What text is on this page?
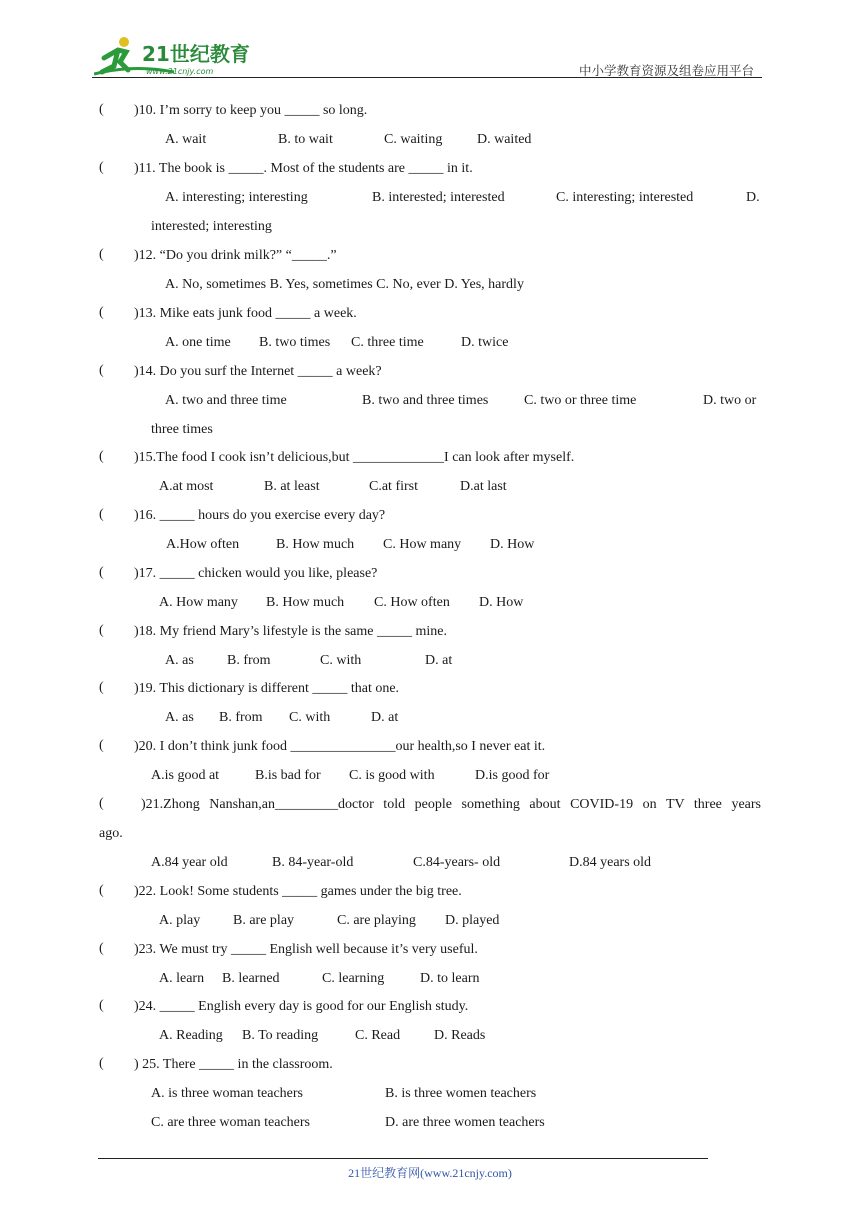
21世纪教育
www.21cnjy.com	中小学教育资源及组卷应用平台
( )10. I’m sorry to keep you _____ so long.
A. wait	B. to wait	C. waiting D. waited
( )11. The book is _____. Most of the students are _____ in it.
A. interesting; interesting	B. interested; interested	C. interesting; interested	D.
interested; interesting
( )12. “Do you drink milk?” “_____.”
A. No, sometimes B. Yes, sometimes C. No, ever D. Yes, hardly
( )13. Mike eats junk food _____ a week.
A. one time B. two times C. three time	D. twice
( )14. Do you surf the Internet _____ a week?
A. two and three time	B. two and three times	C. two or three time	D. two or
three times
( )15.The food I cook isn’t delicious,but _____________I can look after myself.
A.at most	B. at least	C.at first	D.at last
( )16. _____ hours do you exercise every day?
A.How often	B. How much C. How many D. How
( )17. _____ chicken would you like, please?
A. How many B. How much C. How often D. How
( )18. My friend Mary’s lifestyle is the same _____ mine.
A. as B. from	C. with	D. at
( )19. This dictionary is different _____ that one.
A. as B. from C. with	D. at
( )20. I don’t think junk food _______________our health,so I never eat it.
A.is good at	B.is bad for C. is good with	D.is good for
(	)21.Zhong Nanshan,an_________doctor told people something about COVID-19 on TV three years
ago.
A.84 year old	B. 84-year-old	C.84-years- old	D.84 years old
( )22. Look! Some students _____ games under the big tree.
A. play B. are play	C. are playing D. played
( )23. We must try _____ English well because it’s very useful.
A. learn B. learned	C. learning	D. to learn
( )24. _____ English every day is good for our English study.
A. Reading B. To reading	C. Read D. Reads
( ) 25. There _____ in the classroom.
A. is three woman teachers	B. is three women teachers
C. are three woman teachers	D. are three women teachers
21世纪教育网(www.21cnjy.com)
